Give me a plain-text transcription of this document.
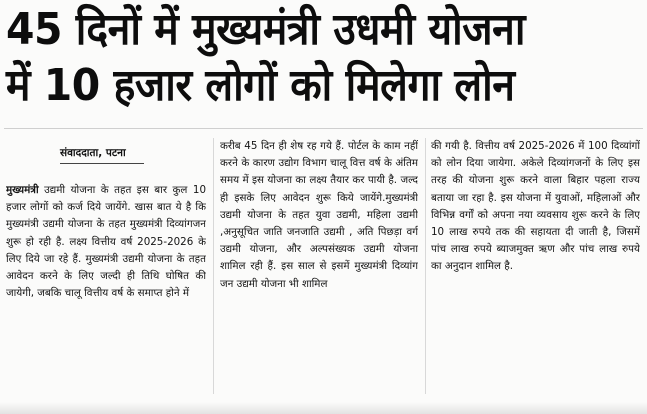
45 दिनों में मुख्यमंत्री उधमी योजना
में 10 हजार लोगों को मिलेगा लोन
संवाददाता, पटना

मुख्यमंत्री उद्यमी योजना के तहत इस बार कुल 10 हजार लोगों को कर्ज दिये जायेंगे. खास बात ये है कि मुख्यमंत्री उद्यमी योजना के तहत मुख्यमंत्री दिव्यांगजन शुरू हो रही है. लक्ष्य वित्तीय वर्ष 2025-2026 के लिए दिये जा रहे हैं. मुख्यमंत्री उद्यमी योजना के तहत आवेदन करने के लिए जल्दी ही तिथि घोषित की जायेगी, जबकि चालू वित्तीय वर्ष के समाप्त होने में

करीब 45 दिन ही शेष रह गये हैं. पोर्टल के काम नहीं करने के कारण उद्योग विभाग चालू वित्त वर्ष के अंतिम समय में इस योजना का लक्ष्य तैयार कर पायी है. जल्द ही इसके लिए आवेदन शुरू किये जायेंगे.मुख्यमंत्री उद्यमी योजना के तहत युवा उद्यमी, महिला उद्यमी ,अनुसूचित जाति जनजाति उद्यमी , अति पिछड़ा वर्ग उद्यमी योजना, और अल्पसंख्यक उद्यमी योजना शामिल रही हैं. इस साल से इसमें मुख्यमंत्री दिव्यांग जन उद्यमी योजना भी शामिल

की गयी है. वित्तीय वर्ष 2025-2026 में 100 दिव्यांगों को लोन दिया जायेगा. अकेले दिव्यांगजनों के लिए इस तरह की योजना शुरू करने वाला बिहार पहला राज्य बताया जा रहा है. इस योजना में युवाओं, महिलाओं और विभिन्न वर्गों को अपना नया व्यवसाय शुरू करने के लिए 10 लाख रुपये तक की सहायता दी जाती है, जिसमें पांच लाख रुपये ब्याजमुक्त ऋण और पांच लाख रुपये का अनुदान शामिल है.
